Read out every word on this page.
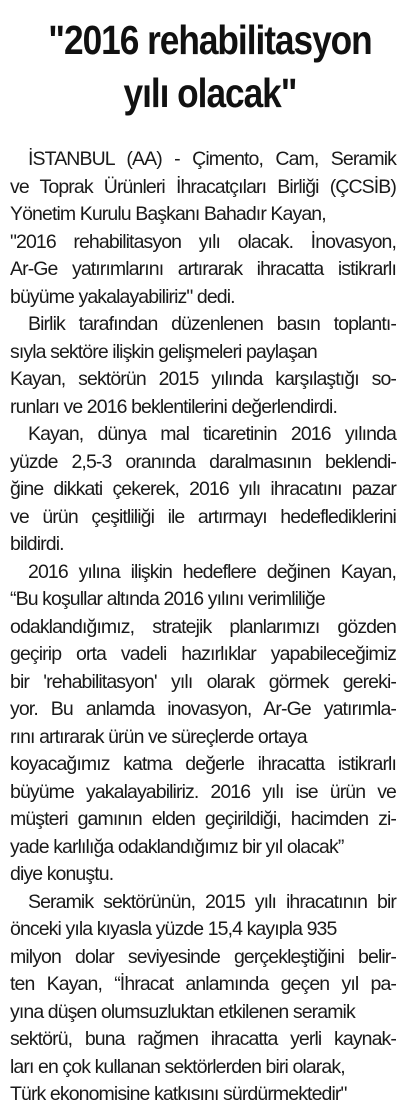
"2016 rehabilitasyon
yılı olacak"
İSTANBUL (AA) - Çimento, Cam, Seramik
ve Toprak Ürünleri İhracatçıları Birliği (ÇCSİB)
Yönetim Kurulu Başkanı Bahadır Kayan,
"2016 rehabilitasyon yılı olacak. İnovasyon,
Ar-Ge yatırımlarını artırarak ihracatta istikrarlı
büyüme yakalayabiliriz" dedi.
Birlik tarafından düzenlenen basın toplantı-
sıyla sektöre ilişkin gelişmeleri paylaşan
Kayan, sektörün 2015 yılında karşılaştığı so-
runları ve 2016 beklentilerini değerlendirdi.
Kayan, dünya mal ticaretinin 2016 yılında
yüzde 2,5-3 oranında daralmasının beklendi-
ğine dikkati çekerek, 2016 yılı ihracatını pazar
ve ürün çeşitliliği ile artırmayı hedeflediklerini
bildirdi.
2016 yılına ilişkin hedeflere değinen Kayan,
“Bu koşullar altında 2016 yılını verimliliğe
odaklandığımız, stratejik planlarımızı gözden
geçirip orta vadeli hazırlıklar yapabileceğimiz
bir 'rehabilitasyon' yılı olarak görmek gereki-
yor. Bu anlamda inovasyon, Ar-Ge yatırımla-
rını artırarak ürün ve süreçlerde ortaya
koyacağımız katma değerle ihracatta istikrarlı
büyüme yakalayabiliriz. 2016 yılı ise ürün ve
müşteri gamının elden geçirildiği, hacimden zi-
yade karlılığa odaklandığımız bir yıl olacak”
diye konuştu.
Seramik sektörünün, 2015 yılı ihracatının bir
önceki yıla kıyasla yüzde 15,4 kayıpla 935
milyon dolar seviyesinde gerçekleştiğini belir-
ten Kayan, “İhracat anlamında geçen yıl pa-
yına düşen olumsuzluktan etkilenen seramik
sektörü, buna rağmen ihracatta yerli kaynak-
ları en çok kullanan sektörlerden biri olarak,
Türk ekonomisine katkısını sürdürmektedir"
